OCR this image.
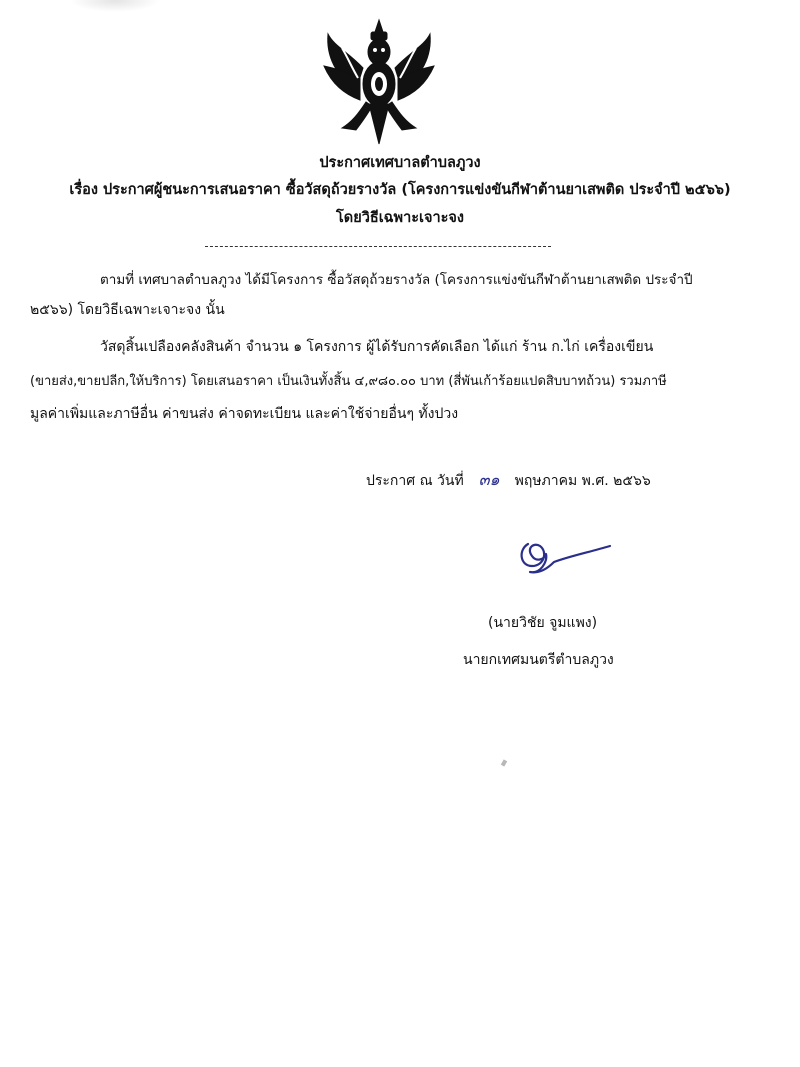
ประกาศเทศบาลตำบลภูวง
เรื่อง ประกาศผู้ชนะการเสนอราคา ซื้อวัสดุถ้วยรางวัล (โครงการแข่งขันกีฬาต้านยาเสพติด ประจำปี ๒๕๖๖)
โดยวิธีเฉพาะเจาะจง
ตามที่ เทศบาลตำบลภูวง ได้มีโครงการ ซื้อวัสดุถ้วยรางวัล (โครงการแข่งขันกีฬาต้านยาเสพติด ประจำปี
๒๕๖๖) โดยวิธีเฉพาะเจาะจง นั้น
วัสดุสิ้นเปลืองคลังสินค้า จำนวน ๑ โครงการ ผู้ได้รับการคัดเลือก ได้แก่ ร้าน ก.ไก่ เครื่องเขียน
(ขายส่ง,ขายปลีก,ให้บริการ) โดยเสนอราคา เป็นเงินทั้งสิ้น ๔,๙๘๐.๐๐ บาท (สี่พันเก้าร้อยแปดสิบบาทถ้วน) รวมภาษี
มูลค่าเพิ่มและภาษีอื่น ค่าขนส่ง ค่าจดทะเบียน และค่าใช้จ่ายอื่นๆ ทั้งปวง
ประกาศ ณ วันที่ ๓๑ พฤษภาคม พ.ศ. ๒๕๖๖
(นายวิชัย จูมแพง)
นายกเทศมนตรีตำบลภูวง
